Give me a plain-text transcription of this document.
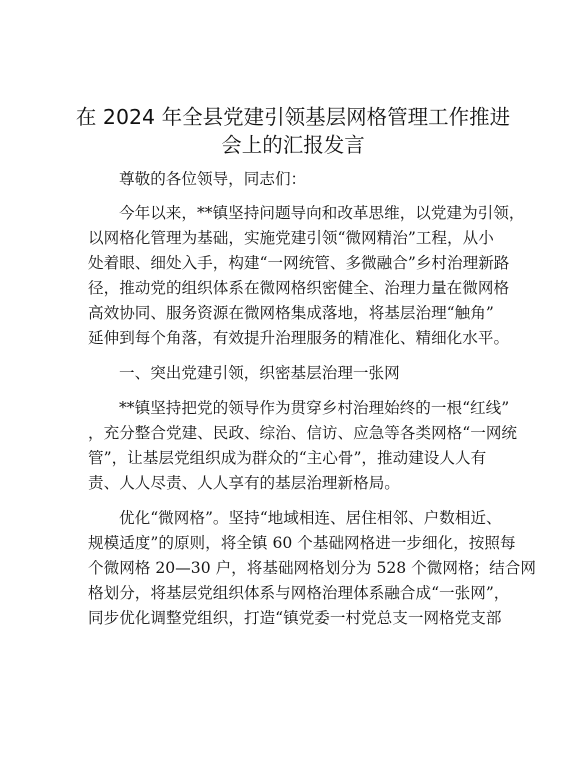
在 2024 年全县党建引领基层网格管理工作推进
会上的汇报发言
尊敬的各位领导，同志们：
今年以来，**镇坚持问题导向和改革思维，以党建为引领，
以网格化管理为基础，实施党建引领“微网精治”工程，从小
处着眼、细处入手，构建“一网统管、多微融合”乡村治理新路
径，推动党的组织体系在微网格织密健全、治理力量在微网格
高效协同、服务资源在微网格集成落地，将基层治理“触角”
延伸到每个角落，有效提升治理服务的精准化、精细化水平。
一、突出党建引领，织密基层治理一张网
**镇坚持把党的领导作为贯穿乡村治理始终的一根“红线”
，充分整合党建、民政、综治、信访、应急等各类网格“一网统
管”，让基层党组织成为群众的“主心骨”，推动建设人人有
责、人人尽责、人人享有的基层治理新格局。
优化“微网格”。坚持“地域相连、居住相邻、户数相近、
规模适度”的原则，将全镇 60 个基础网格进一步细化，按照每
个微网格 20—30 户，将基础网格划分为 528 个微网格；结合网
格划分，将基层党组织体系与网格治理体系融合成“一张网”，
同步优化调整党组织，打造“镇党委一村党总支一网格党支部
